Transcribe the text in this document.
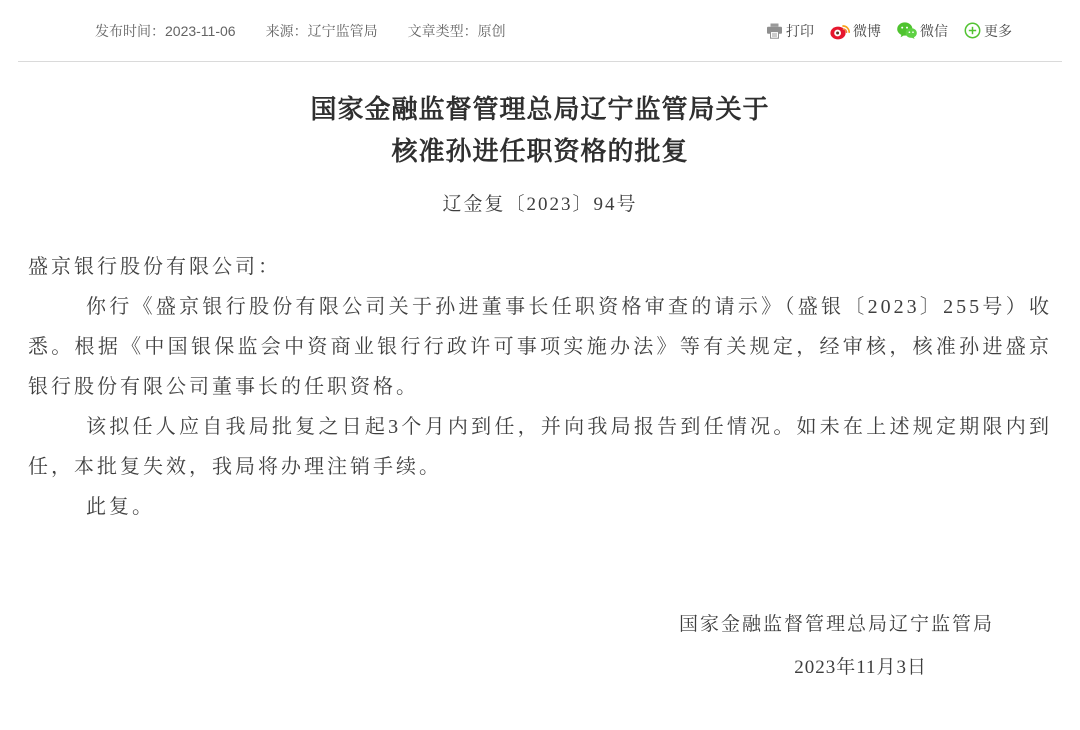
发布时间：2023-11-06 来源：辽宁监管局 文章类型：原创	打印	微博	微信	更多
国家金融监督管理总局辽宁监管局关于
核准孙进任职资格的批复
辽金复〔2023〕94号

盛京银行股份有限公司：

你行《盛京银行股份有限公司关于孙进董事长任职资格审查的请示》（盛银〔2023〕255号）收悉。根据《中国银保监会中资商业银行行政许可事项实施办法》等有关规定，经审核，核准孙进盛京银行股份有限公司董事长的任职资格。

该拟任人应自我局批复之日起3个月内到任，并向我局报告到任情况。如未在上述规定期限内到任，本批复失效，我局将办理注销手续。

此复。

国家金融监督管理总局辽宁监管局
2023年11月3日
